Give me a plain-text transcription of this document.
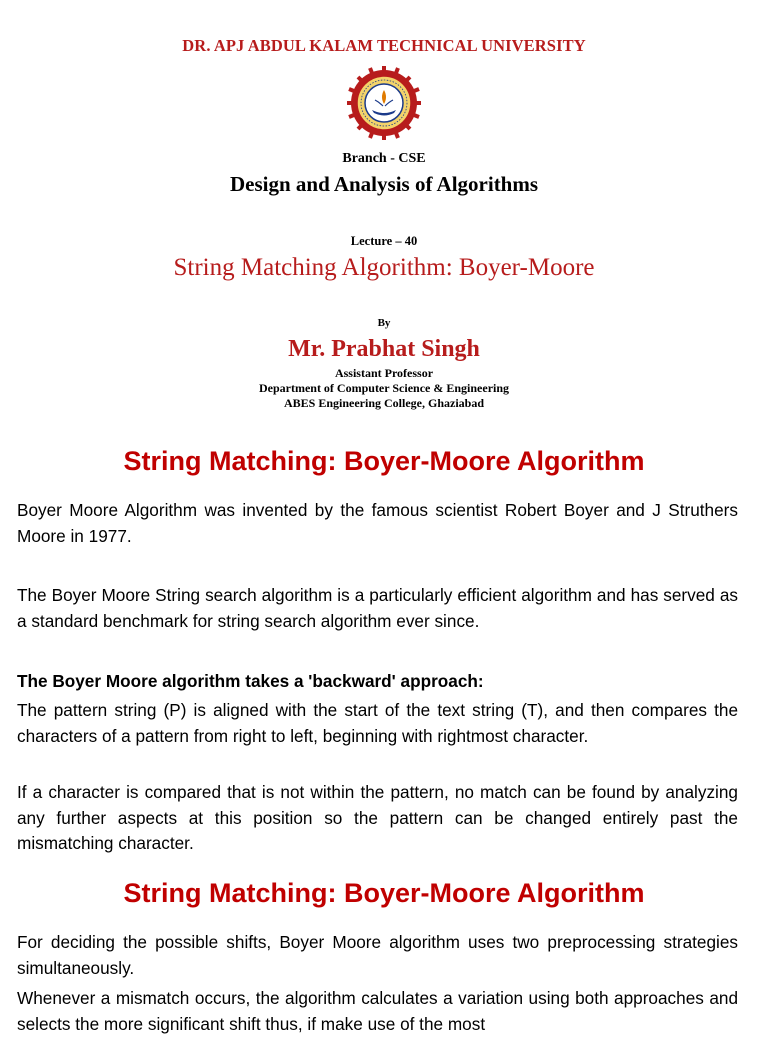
DR. APJ ABDUL KALAM TECHNICAL UNIVERSITY
Branch - CSE
Design and Analysis of Algorithms
Lecture – 40
String Matching Algorithm: Boyer-Moore
By
Mr. Prabhat Singh
Assistant Professor
Department of Computer Science & Engineering
ABES Engineering College, Ghaziabad
String Matching: Boyer-Moore Algorithm
Boyer Moore Algorithm was invented by the famous scientist Robert Boyer and J Struthers Moore in 1977.
The Boyer Moore String search algorithm is a particularly efficient algorithm and has served as a standard benchmark for string search algorithm ever since.
The Boyer Moore algorithm takes a 'backward' approach:
The pattern string (P) is aligned with the start of the text string (T), and then compares the characters of a pattern from right to left, beginning with rightmost character.
If a character is compared that is not within the pattern, no match can be found by analyzing any further aspects at this position so the pattern can be changed entirely past the mismatching character.
String Matching: Boyer-Moore Algorithm
For deciding the possible shifts, Boyer Moore algorithm uses two preprocessing strategies simultaneously.
Whenever a mismatch occurs, the algorithm calculates a variation using both approaches and selects the more significant shift thus, if make use of the most
